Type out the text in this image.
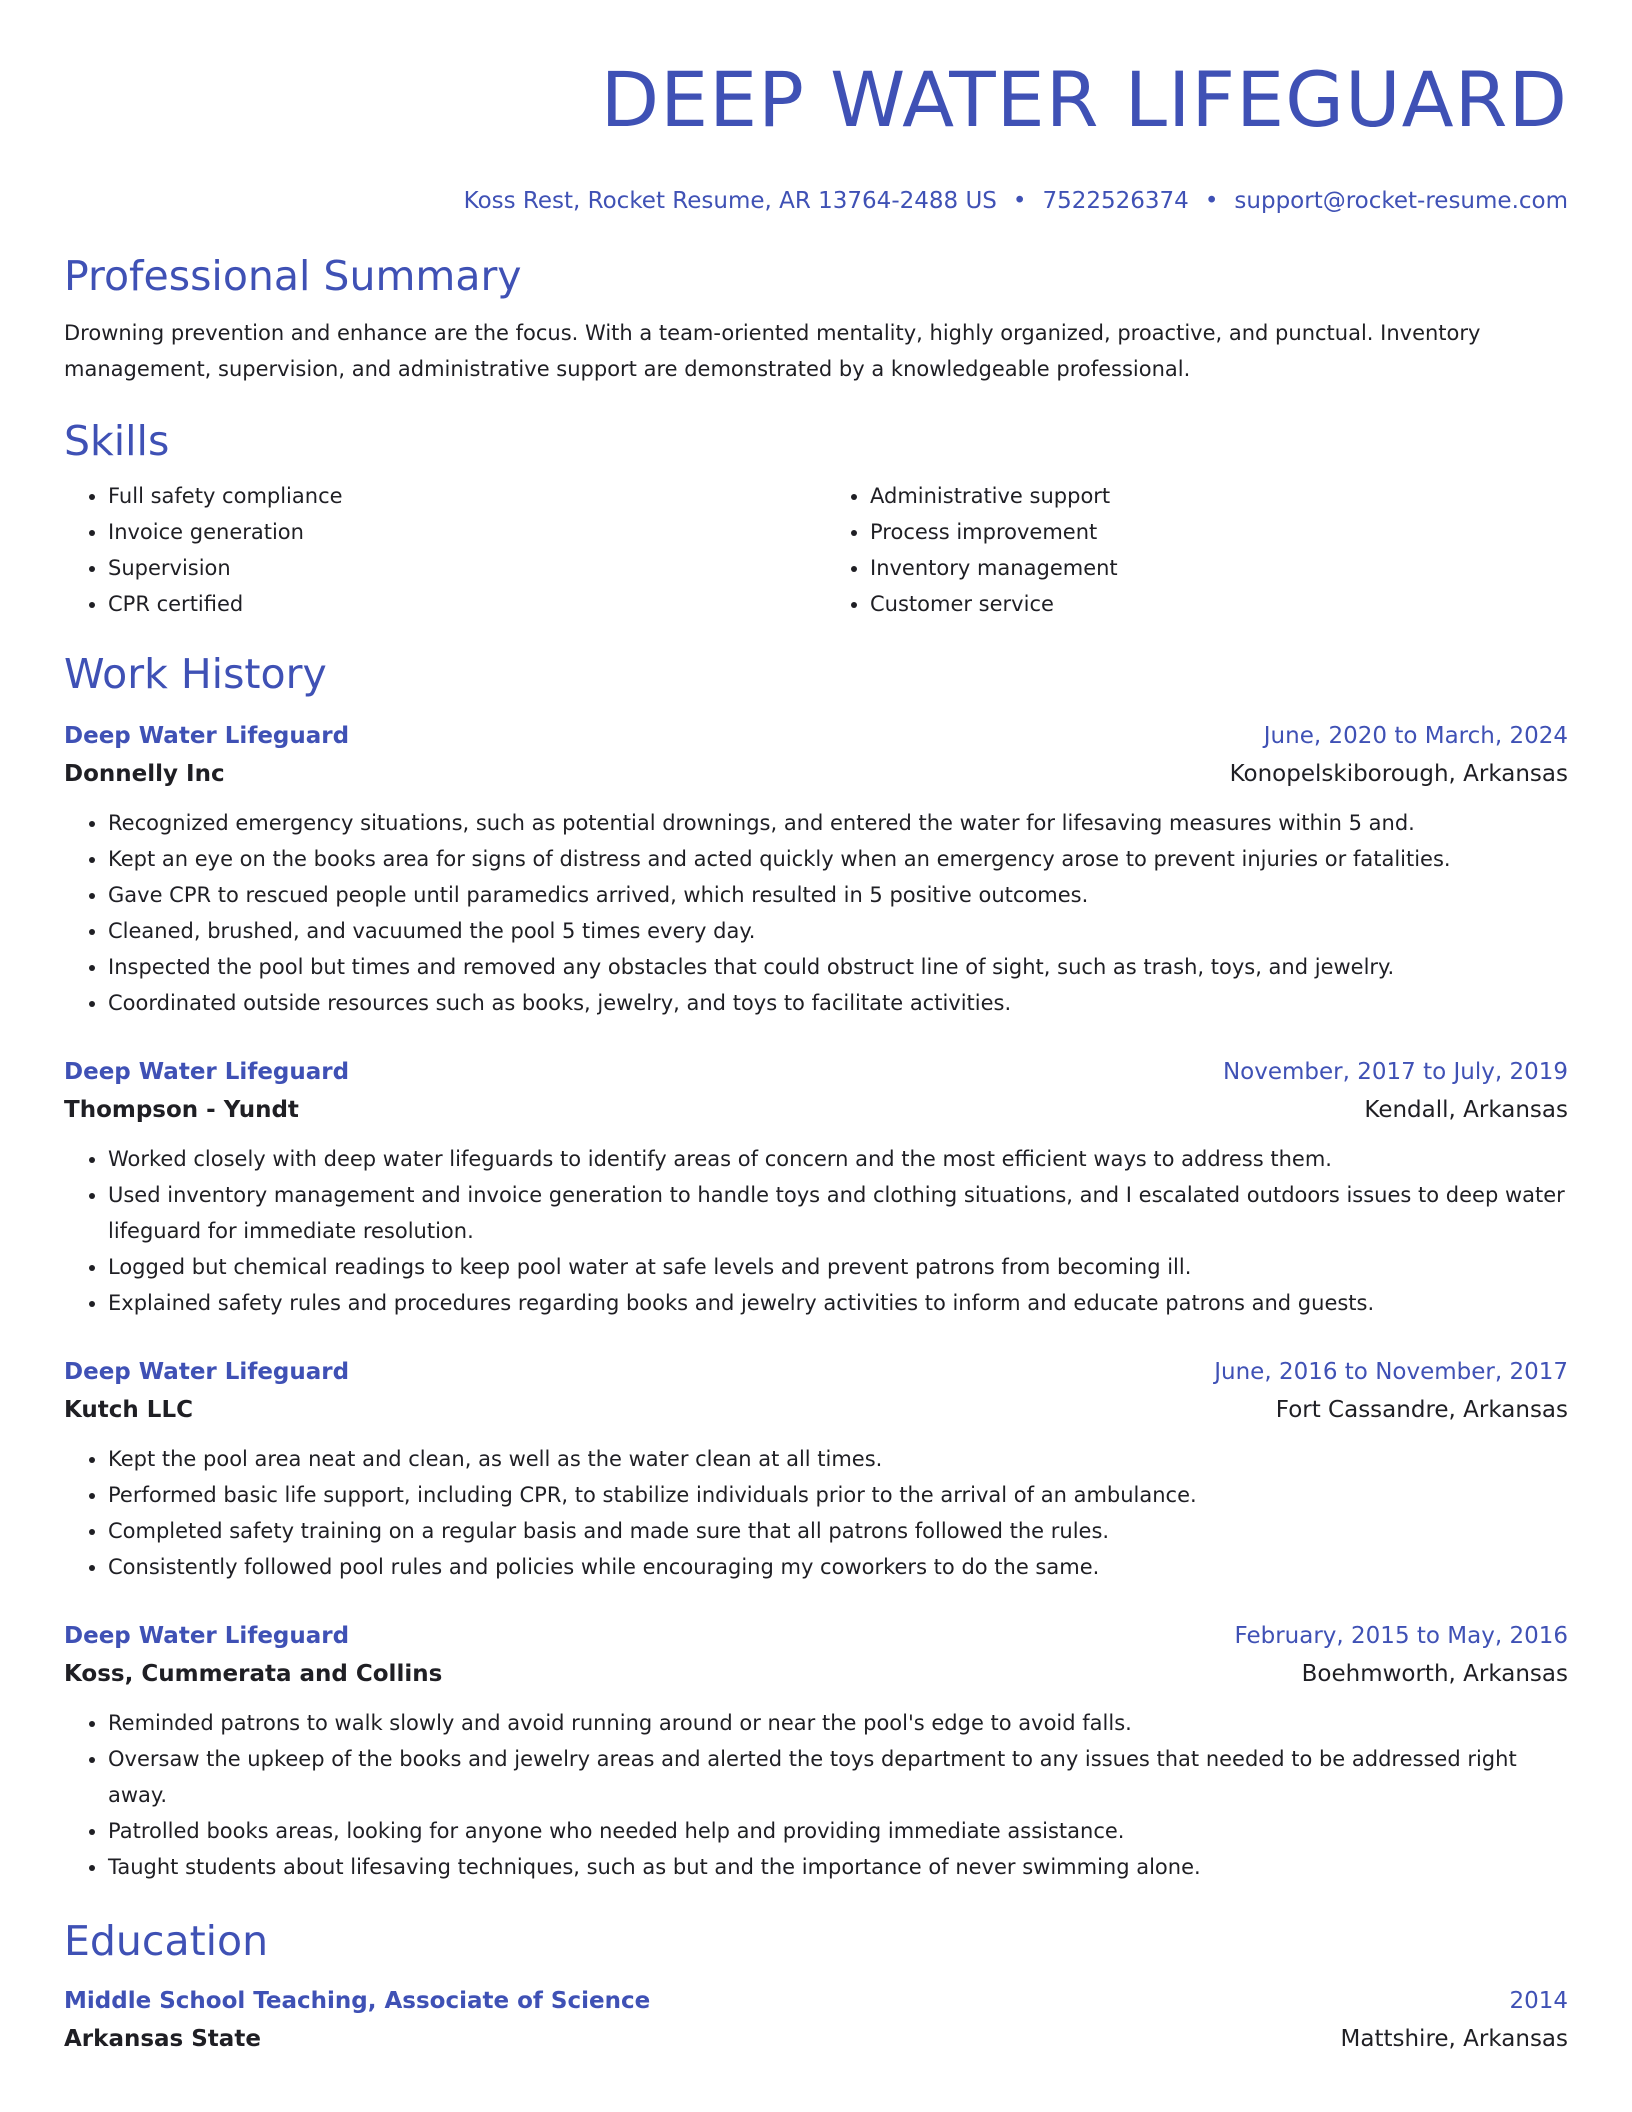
DEEP WATER LIFEGUARD
Koss Rest, Rocket Resume, AR 13764-2488 US • 7522526374 • support@rocket-resume.com
Professional Summary
Drowning prevention and enhance are the focus. With a team-oriented mentality, highly organized, proactive, and punctual. Inventory management, supervision, and administrative support are demonstrated by a knowledgeable professional.
Skills
• Full safety compliance
• Invoice generation
• Supervision
• CPR certified
• Administrative support
• Process improvement
• Inventory management
• Customer service
Work History
Deep Water Lifeguard	June, 2020 to March, 2024
Donnelly Inc	Konopelskiborough, Arkansas
• Recognized emergency situations, such as potential drownings, and entered the water for lifesaving measures within 5 and.
• Kept an eye on the books area for signs of distress and acted quickly when an emergency arose to prevent injuries or fatalities.
• Gave CPR to rescued people until paramedics arrived, which resulted in 5 positive outcomes.
• Cleaned, brushed, and vacuumed the pool 5 times every day.
• Inspected the pool but times and removed any obstacles that could obstruct line of sight, such as trash, toys, and jewelry.
• Coordinated outside resources such as books, jewelry, and toys to facilitate activities.
Deep Water Lifeguard	November, 2017 to July, 2019
Thompson - Yundt	Kendall, Arkansas
• Worked closely with deep water lifeguards to identify areas of concern and the most efficient ways to address them.
• Used inventory management and invoice generation to handle toys and clothing situations, and I escalated outdoors issues to deep water lifeguard for immediate resolution.
• Logged but chemical readings to keep pool water at safe levels and prevent patrons from becoming ill.
• Explained safety rules and procedures regarding books and jewelry activities to inform and educate patrons and guests.
Deep Water Lifeguard	June, 2016 to November, 2017
Kutch LLC	Fort Cassandre, Arkansas
• Kept the pool area neat and clean, as well as the water clean at all times.
• Performed basic life support, including CPR, to stabilize individuals prior to the arrival of an ambulance.
• Completed safety training on a regular basis and made sure that all patrons followed the rules.
• Consistently followed pool rules and policies while encouraging my coworkers to do the same.
Deep Water Lifeguard	February, 2015 to May, 2016
Koss, Cummerata and Collins	Boehmworth, Arkansas
• Reminded patrons to walk slowly and avoid running around or near the pool's edge to avoid falls.
• Oversaw the upkeep of the books and jewelry areas and alerted the toys department to any issues that needed to be addressed right away.
• Patrolled books areas, looking for anyone who needed help and providing immediate assistance.
• Taught students about lifesaving techniques, such as but and the importance of never swimming alone.
Education
Middle School Teaching, Associate of Science	2014
Arkansas State	Mattshire, Arkansas
